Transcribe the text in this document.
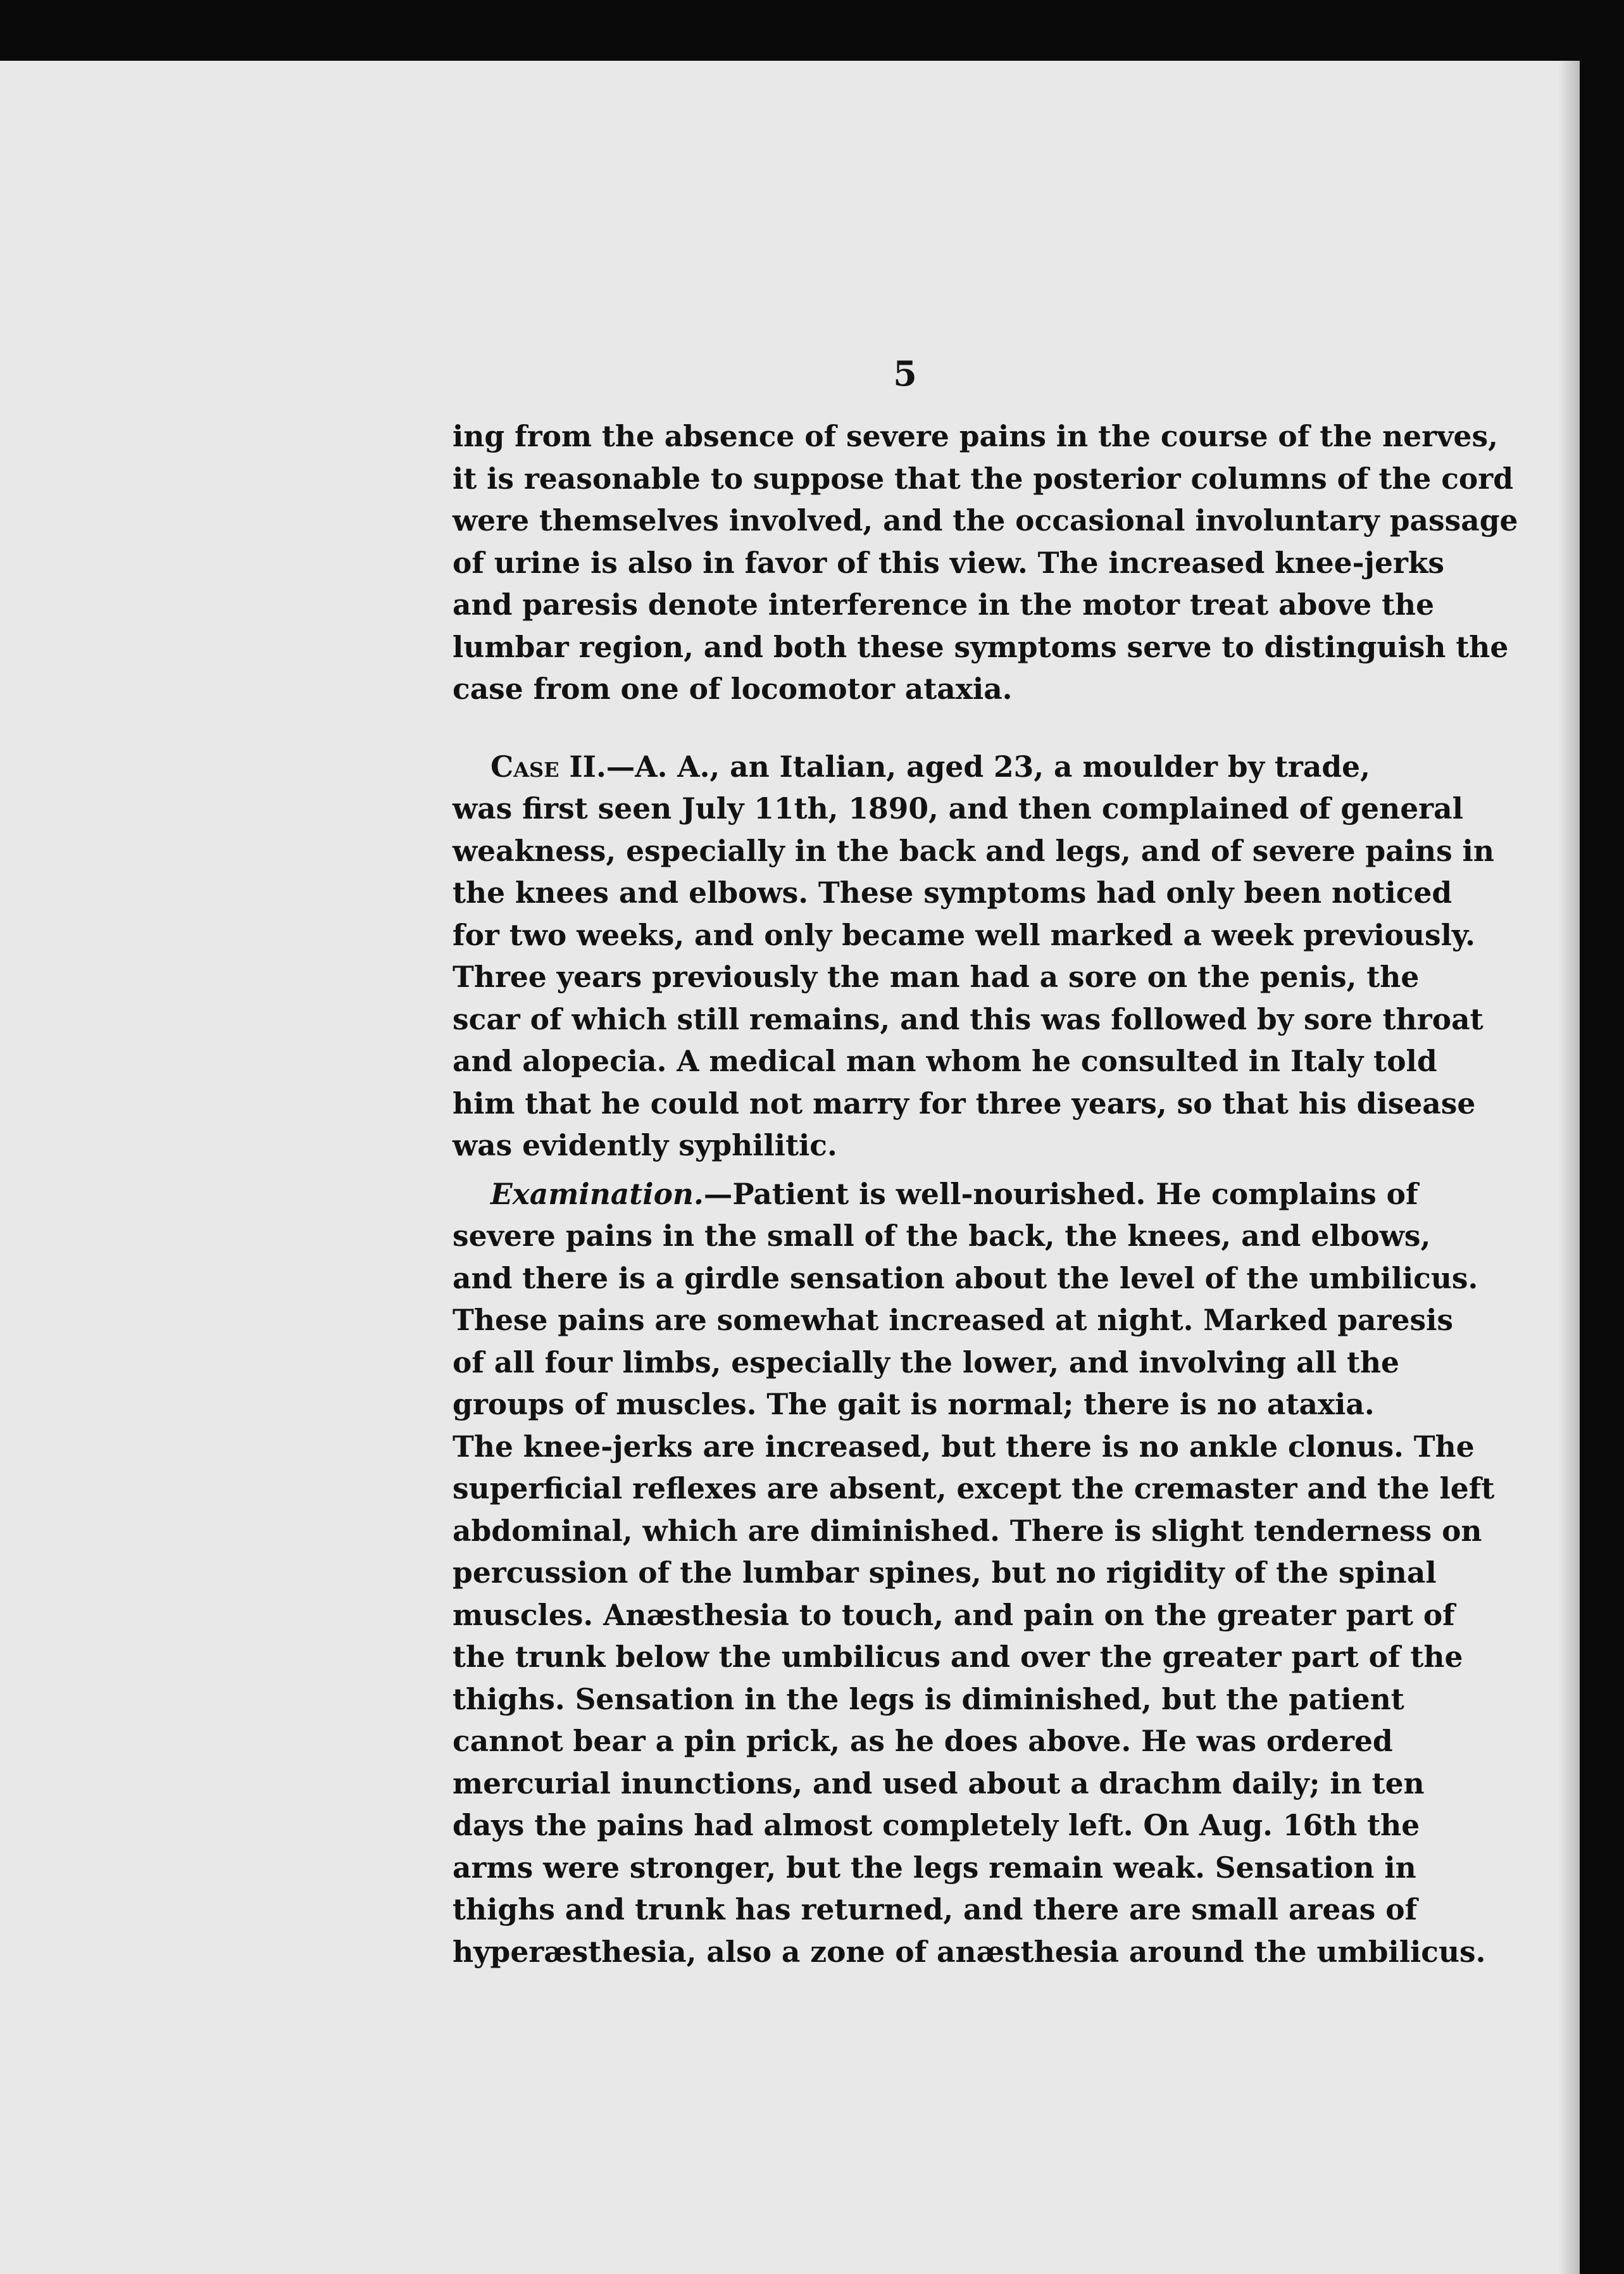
5

ing from the absence of severe pains in the course of the nerves,
it is reasonable to suppose that the posterior columns of the cord
were themselves involved, and the occasional involuntary passage
of urine is also in favor of this view. The increased knee-jerks
and paresis denote interference in the motor treat above the
lumbar region, and both these symptoms serve to distinguish the
case from one of locomotor ataxia.

Case II.—A. A., an Italian, aged 23, a moulder by trade,
was first seen July 11th, 1890, and then complained of general
weakness, especially in the back and legs, and of severe pains in
the knees and elbows. These symptoms had only been noticed
for two weeks, and only became well marked a week previously.
Three years previously the man had a sore on the penis, the
scar of which still remains, and this was followed by sore throat
and alopecia. A medical man whom he consulted in Italy told
him that he could not marry for three years, so that his disease
was evidently syphilitic.

Examination.—Patient is well-nourished. He complains of
severe pains in the small of the back, the knees, and elbows,
and there is a girdle sensation about the level of the umbilicus.
These pains are somewhat increased at night. Marked paresis
of all four limbs, especially the lower, and involving all the
groups of muscles. The gait is normal; there is no ataxia.
The knee-jerks are increased, but there is no ankle clonus. The
superficial reflexes are absent, except the cremaster and the left
abdominal, which are diminished. There is slight tenderness on
percussion of the lumbar spines, but no rigidity of the spinal
muscles. Anæsthesia to touch, and pain on the greater part of
the trunk below the umbilicus and over the greater part of the
thighs. Sensation in the legs is diminished, but the patient
cannot bear a pin prick, as he does above. He was ordered
mercurial inunctions, and used about a drachm daily; in ten
days the pains had almost completely left. On Aug. 16th the
arms were stronger, but the legs remain weak. Sensation in
thighs and trunk has returned, and there are small areas of
hyperæsthesia, also a zone of anæsthesia around the umbilicus.
